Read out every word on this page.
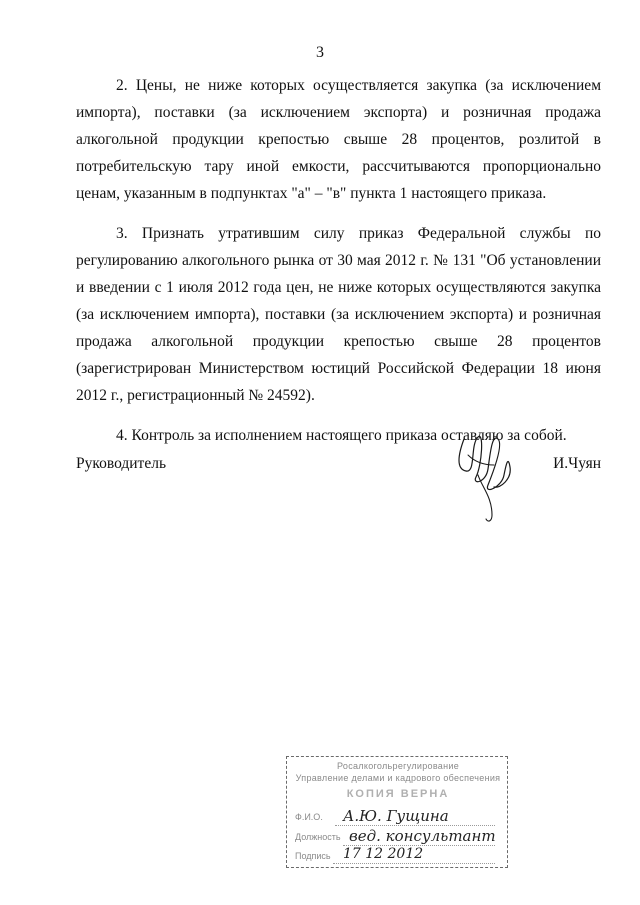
3

2. Цены, не ниже которых осуществляется закупка (за исключением импорта), поставки (за исключением экспорта) и розничная продажа алкогольной продукции крепостью свыше 28 процентов, розлитой в потребительскую тару иной емкости, рассчитываются пропорционально ценам, указанным в подпунктах "а" – "в" пункта 1 настоящего приказа.

3. Признать утратившим силу приказ Федеральной службы по регулированию алкогольного рынка от 30 мая 2012 г. № 131 "Об установлении и введении с 1 июля 2012 года цен, не ниже которых осуществляются закупка (за исключением импорта), поставки (за исключением экспорта) и розничная продажа алкогольной продукции крепостью свыше 28 процентов (зарегистрирован Министерством юстиций Российской Федерации 18 июня 2012 г., регистрационный № 24592).

4. Контроль за исполнением настоящего приказа оставляю за собой.

Руководитель	И.Чуян
Росалкогольрегулирование
Управление делами и кадрового обеспечения
КОПИЯ ВЕРНА
Ф.И.О. А.Ю. Гущина
Должность вед. консультант
Подпись 17 12 2012
